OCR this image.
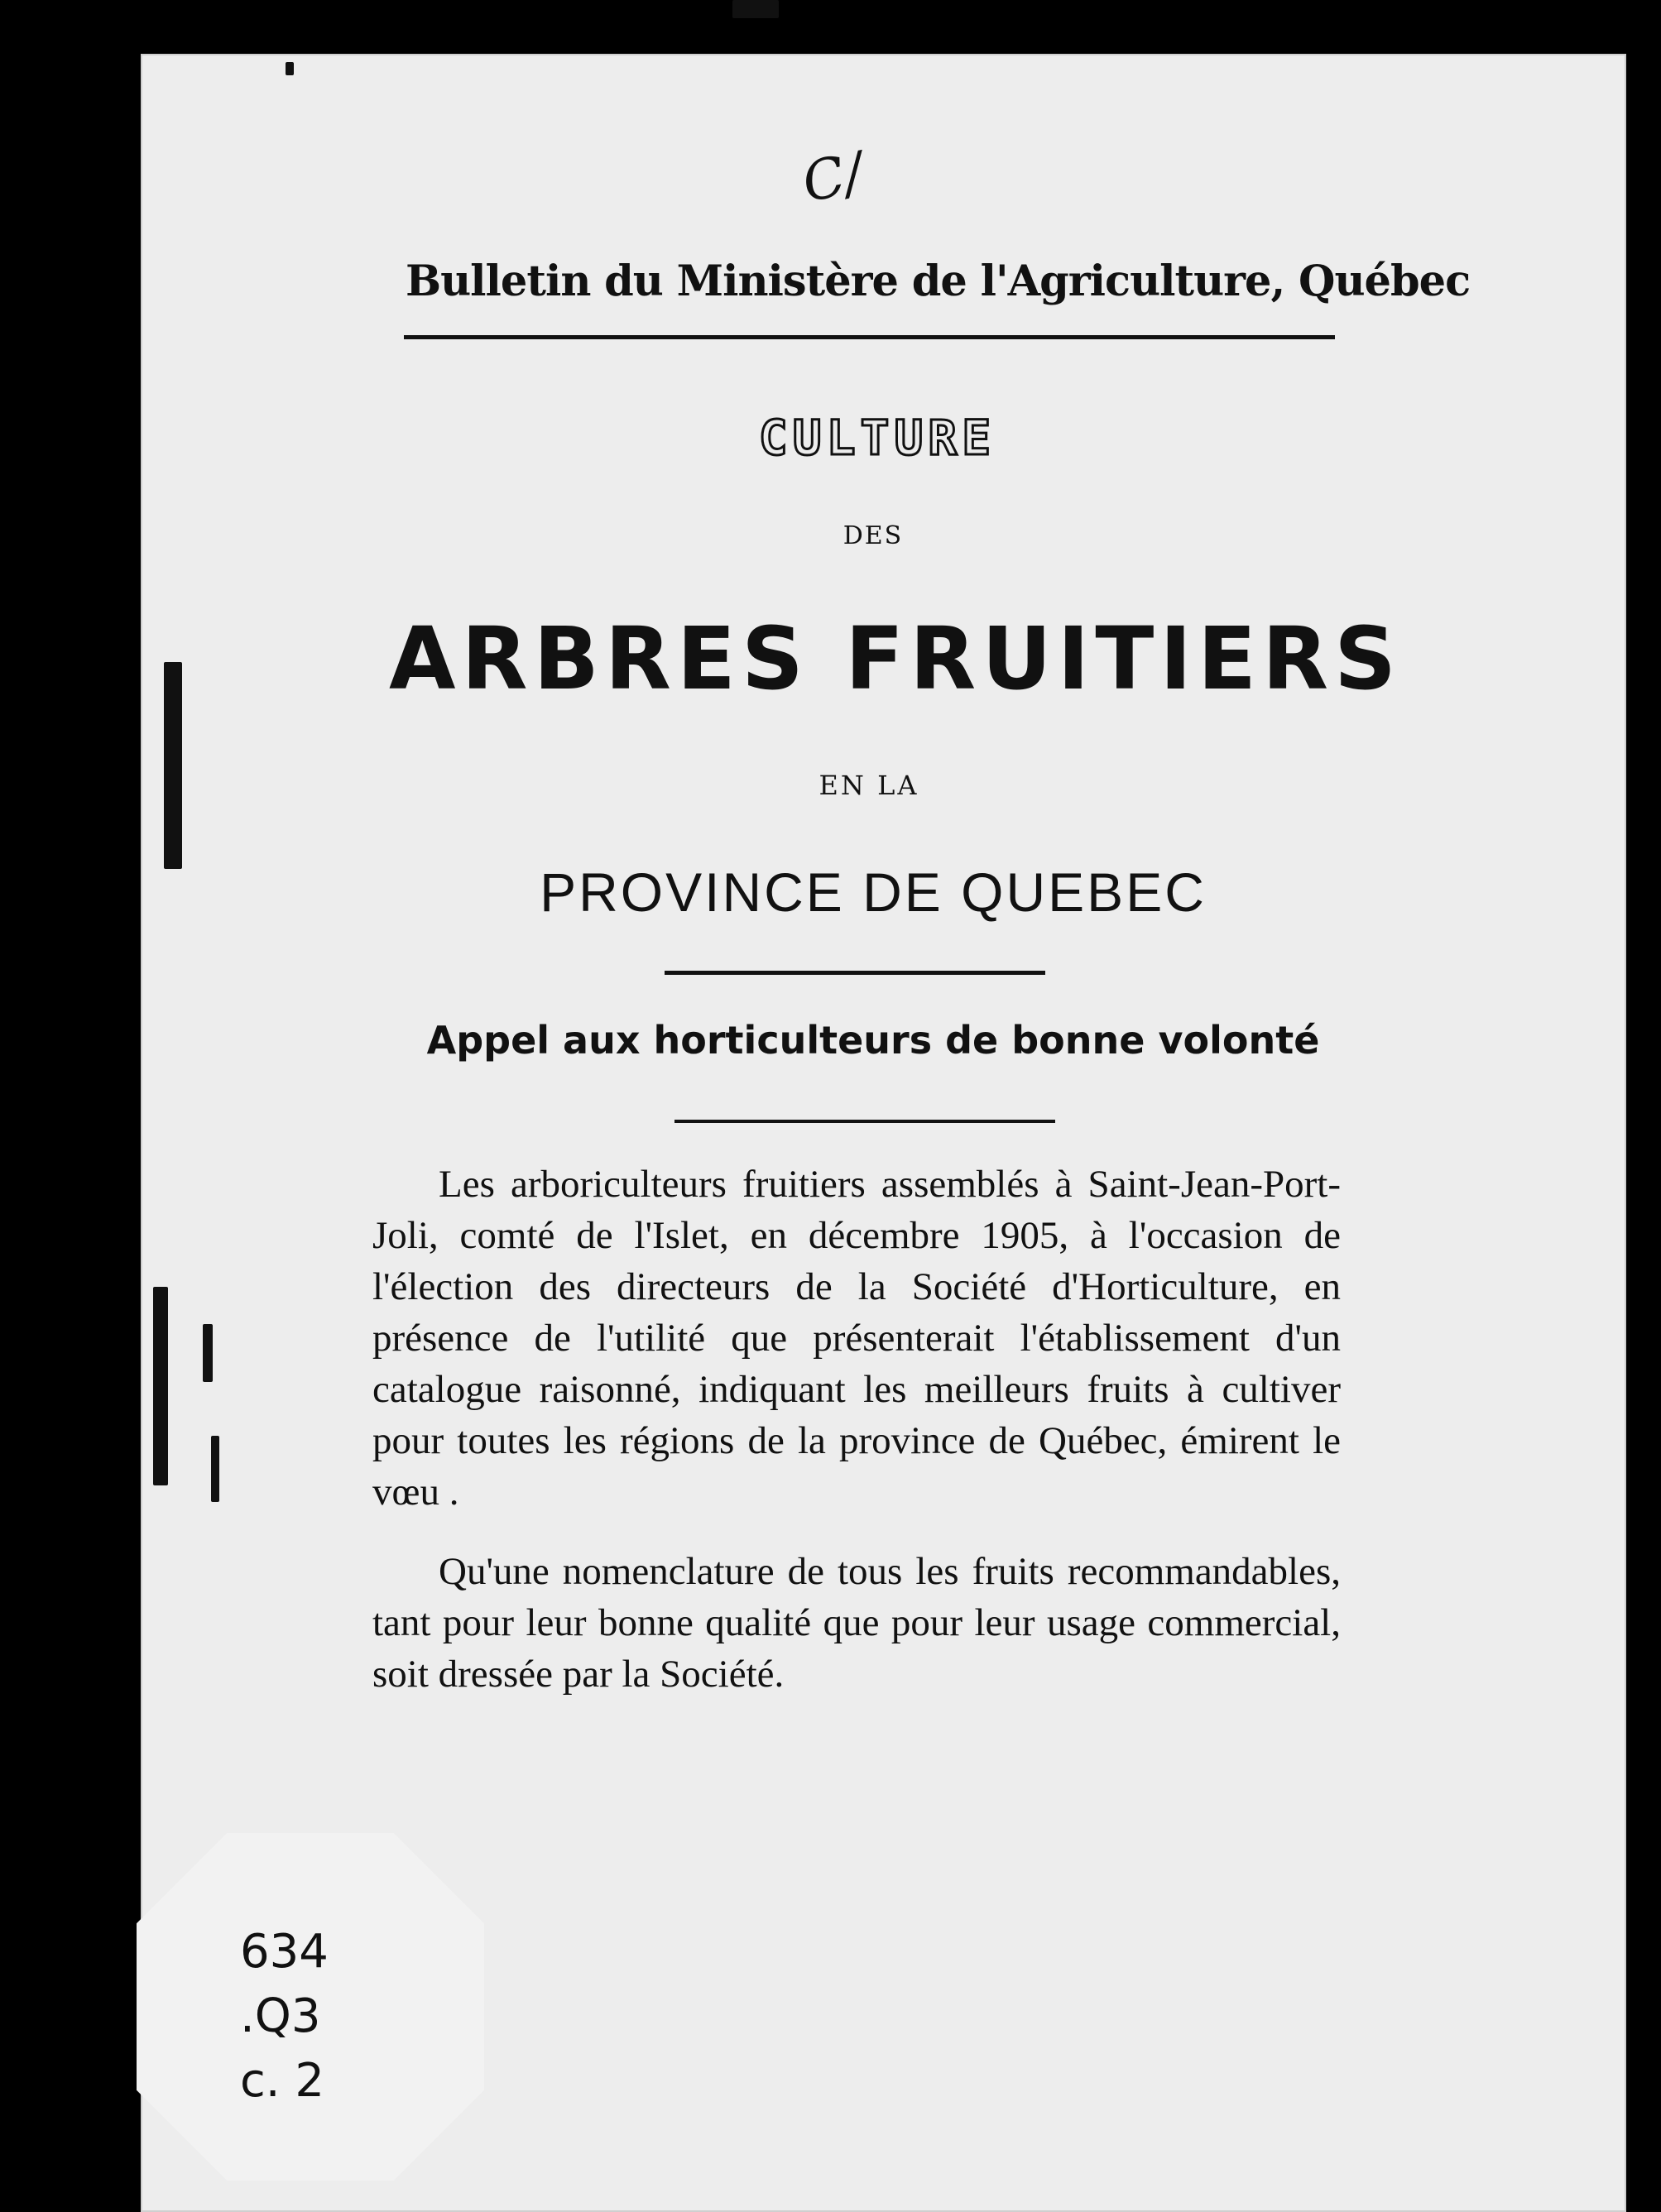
C/
Bulletin du Ministère de l'Agriculture, Québec
CULTURE
DES
ARBRES FRUITIERS
EN LA
PROVINCE DE QUEBEC
Appel aux horticulteurs de bonne volonté

Les arboriculteurs fruitiers assemblés à Saint-Jean-Port-Joli, comté de l'Islet, en décembre 1905, à l'occasion de l'élection des directeurs de la Société d'Horticulture, en présence de l'utilité que présenterait l'établissement d'un catalogue raisonné, indiquant les meilleurs fruits à cultiver pour toutes les régions de la province de Québec, émirent le vœu .

Qu'une nomenclature de tous les fruits recommandables, tant pour leur bonne qualité que pour leur usage commercial, soit dressée par la Société.

634
.Q3
c. 2
